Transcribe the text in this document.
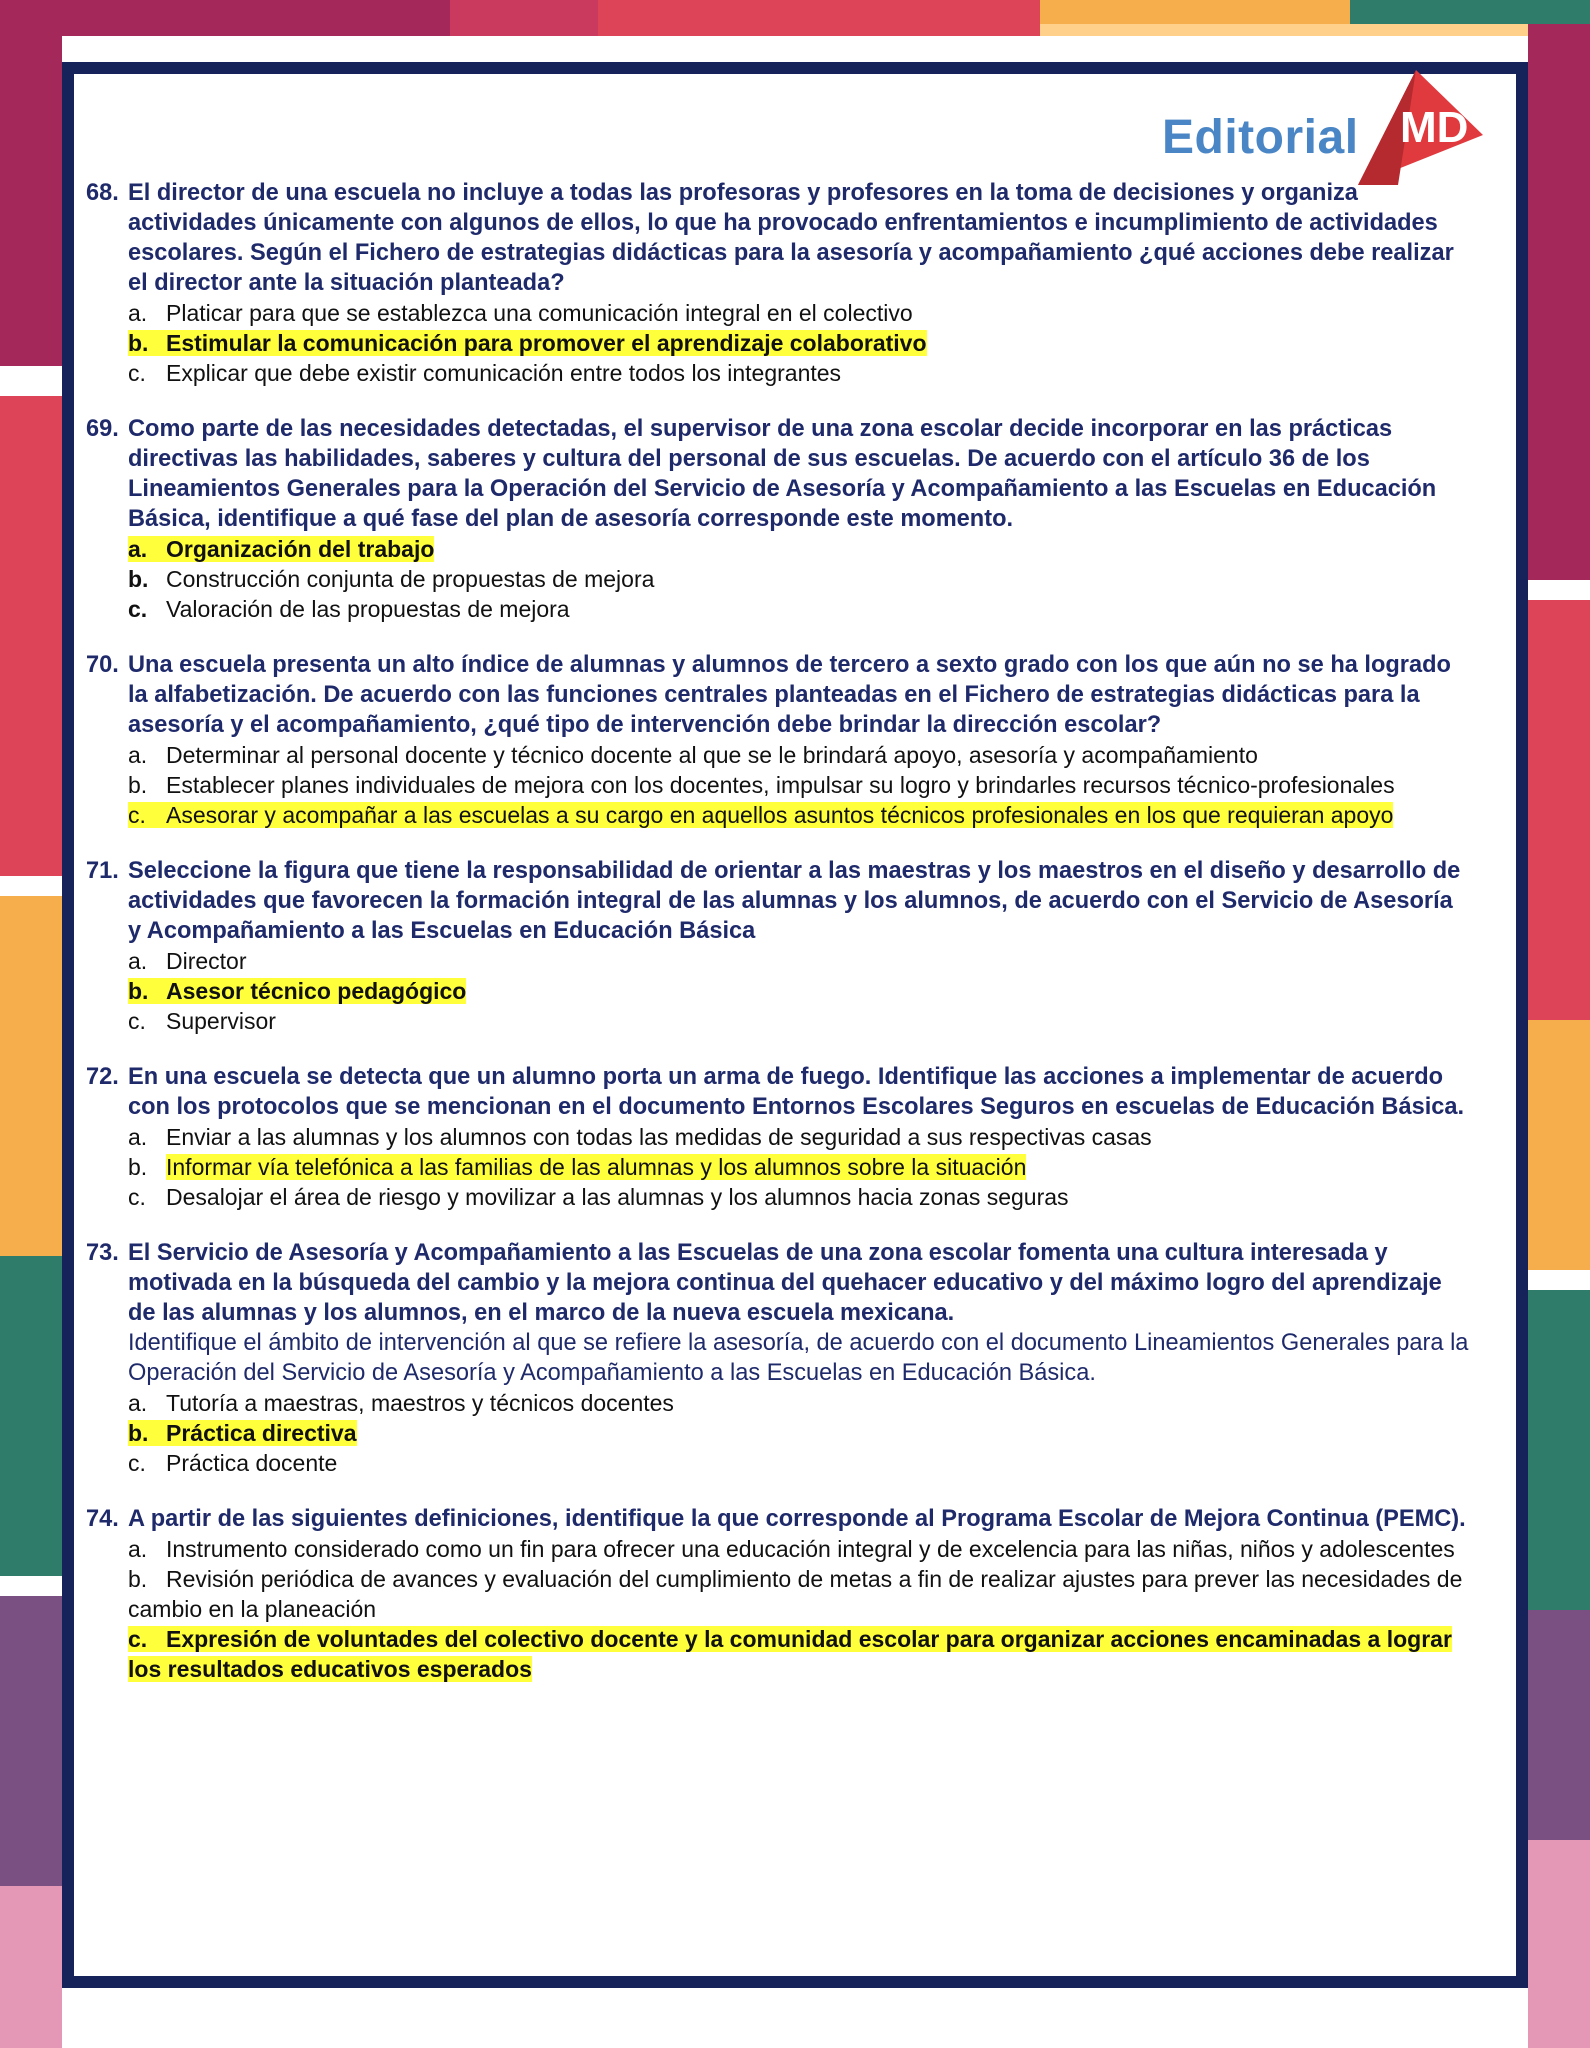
Editorial MD
68. El director de una escuela no incluye a todas las profesoras y profesores en la toma de decisiones y organiza actividades únicamente con algunos de ellos, lo que ha provocado enfrentamientos e incumplimiento de actividades escolares. Según el Fichero de estrategias didácticas para la asesoría y acompañamiento ¿qué acciones debe realizar el director ante la situación planteada?
a. Platicar para que se establezca una comunicación integral en el colectivo
b. Estimular la comunicación para promover el aprendizaje colaborativo
c. Explicar que debe existir comunicación entre todos los integrantes
69. Como parte de las necesidades detectadas, el supervisor de una zona escolar decide incorporar en las prácticas directivas las habilidades, saberes y cultura del personal de sus escuelas. De acuerdo con el artículo 36 de los Lineamientos Generales para la Operación del Servicio de Asesoría y Acompañamiento a las Escuelas en Educación Básica, identifique a qué fase del plan de asesoría corresponde este momento.
a. Organización del trabajo
b. Construcción conjunta de propuestas de mejora
c. Valoración de las propuestas de mejora
70. Una escuela presenta un alto índice de alumnas y alumnos de tercero a sexto grado con los que aún no se ha logrado la alfabetización. De acuerdo con las funciones centrales planteadas en el Fichero de estrategias didácticas para la asesoría y el acompañamiento, ¿qué tipo de intervención debe brindar la dirección escolar?
a. Determinar al personal docente y técnico docente al que se le brindará apoyo, asesoría y acompañamiento
b. Establecer planes individuales de mejora con los docentes, impulsar su logro y brindarles recursos técnico-profesionales
c. Asesorar y acompañar a las escuelas a su cargo en aquellos asuntos técnicos profesionales en los que requieran apoyo
71. Seleccione la figura que tiene la responsabilidad de orientar a las maestras y los maestros en el diseño y desarrollo de actividades que favorecen la formación integral de las alumnas y los alumnos, de acuerdo con el Servicio de Asesoría y Acompañamiento a las Escuelas en Educación Básica
a. Director
b. Asesor técnico pedagógico
c. Supervisor
72. En una escuela se detecta que un alumno porta un arma de fuego. Identifique las acciones a implementar de acuerdo con los protocolos que se mencionan en el documento Entornos Escolares Seguros en escuelas de Educación Básica.
a. Enviar a las alumnas y los alumnos con todas las medidas de seguridad a sus respectivas casas
b. Informar vía telefónica a las familias de las alumnas y los alumnos sobre la situación
c. Desalojar el área de riesgo y movilizar a las alumnas y los alumnos hacia zonas seguras
73. El Servicio de Asesoría y Acompañamiento a las Escuelas de una zona escolar fomenta una cultura interesada y motivada en la búsqueda del cambio y la mejora continua del quehacer educativo y del máximo logro del aprendizaje de las alumnas y los alumnos, en el marco de la nueva escuela mexicana.
Identifique el ámbito de intervención al que se refiere la asesoría, de acuerdo con el documento Lineamientos Generales para la Operación del Servicio de Asesoría y Acompañamiento a las Escuelas en Educación Básica.
a. Tutoría a maestras, maestros y técnicos docentes
b. Práctica directiva
c. Práctica docente
74. A partir de las siguientes definiciones, identifique la que corresponde al Programa Escolar de Mejora Continua (PEMC).
a. Instrumento considerado como un fin para ofrecer una educación integral y de excelencia para las niñas, niños y adolescentes
b. Revisión periódica de avances y evaluación del cumplimiento de metas a fin de realizar ajustes para prever las necesidades de cambio en la planeación
c. Expresión de voluntades del colectivo docente y la comunidad escolar para organizar acciones encaminadas a lograr los resultados educativos esperados
